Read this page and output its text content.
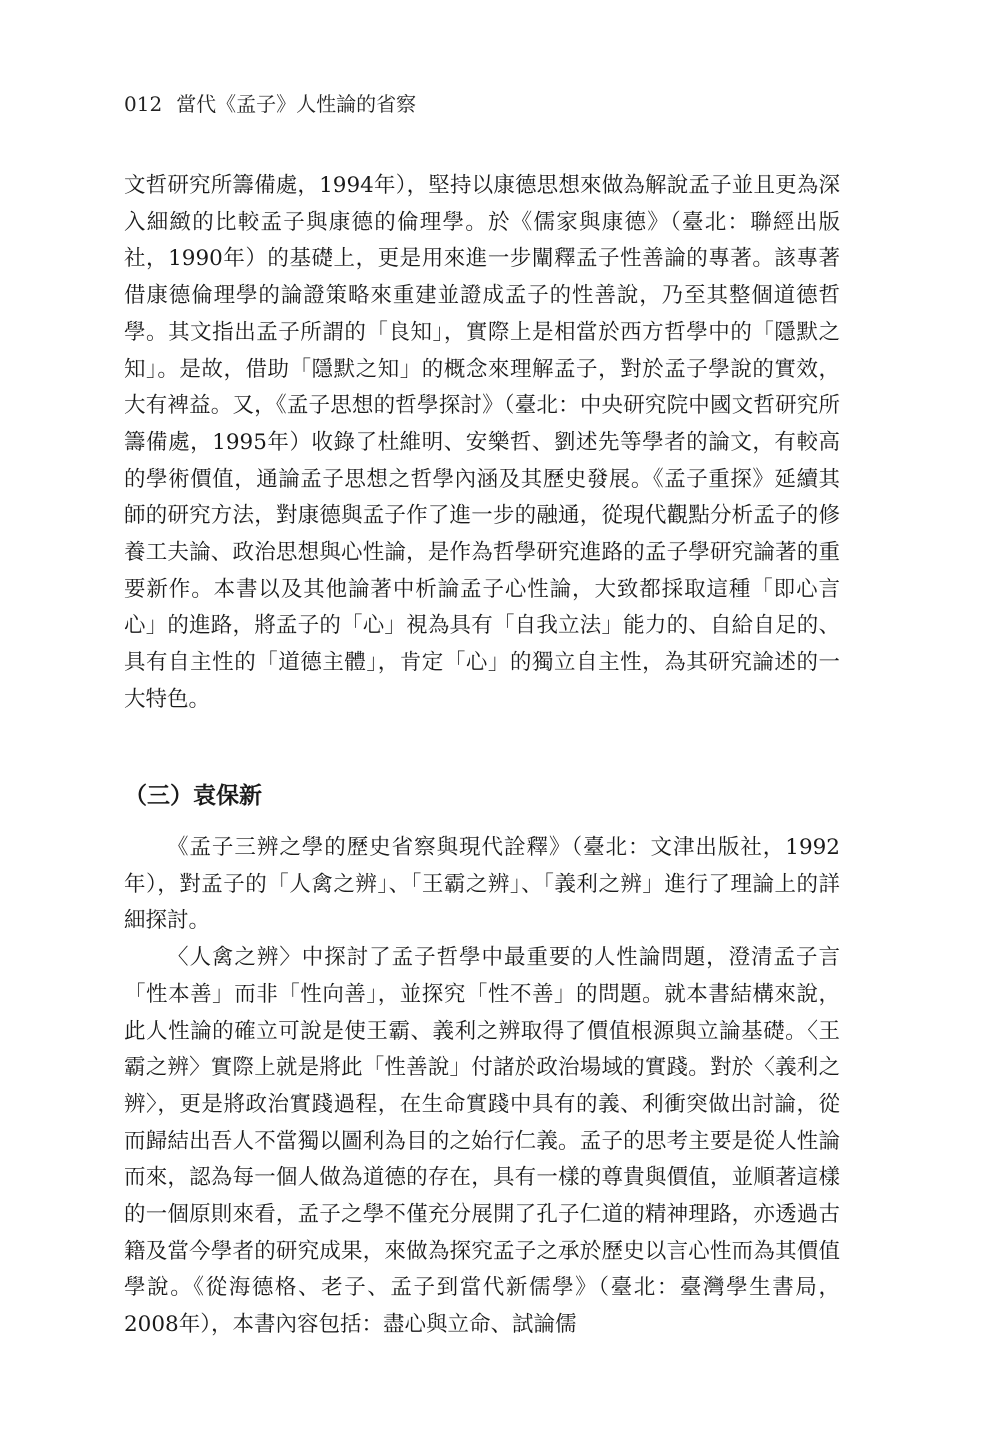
012 當代《孟子》人性論的省察

文哲研究所籌備處，1994年），堅持以康德思想來做為解說孟子並且更為深入細緻的比較孟子與康德的倫理學。於《儒家與康德》（臺北：聯經出版社，1990年）的基礎上，更是用來進一步闡釋孟子性善論的專著。該專著借康德倫理學的論證策略來重建並證成孟子的性善說，乃至其整個道德哲學。其文指出孟子所謂的「良知」，實際上是相當於西方哲學中的「隱默之知」。是故，借助「隱默之知」的概念來理解孟子，對於孟子學說的實效，大有裨益。又，《孟子思想的哲學探討》（臺北：中央研究院中國文哲研究所籌備處，1995年）收錄了杜維明、安樂哲、劉述先等學者的論文，有較高的學術價值，通論孟子思想之哲學內涵及其歷史發展。《孟子重探》延續其師的研究方法，對康德與孟子作了進一步的融通，從現代觀點分析孟子的修養工夫論、政治思想與心性論，是作為哲學研究進路的孟子學研究論著的重要新作。本書以及其他論著中析論孟子心性論，大致都採取這種「即心言心」的進路，將孟子的「心」視為具有「自我立法」能力的、自給自足的、具有自主性的「道德主體」，肯定「心」的獨立自主性，為其研究論述的一大特色。

（三）袁保新

《孟子三辨之學的歷史省察與現代詮釋》（臺北：文津出版社，1992年），對孟子的「人禽之辨」、「王霸之辨」、「義利之辨」進行了理論上的詳細探討。

〈人禽之辨〉中探討了孟子哲學中最重要的人性論問題，澄清孟子言「性本善」而非「性向善」，並探究「性不善」的問題。就本書結構來說，此人性論的確立可說是使王霸、義利之辨取得了價值根源與立論基礎。〈王霸之辨〉實際上就是將此「性善說」付諸於政治場域的實踐。對於〈義利之辨〉，更是將政治實踐過程，在生命實踐中具有的義、利衝突做出討論，從而歸結出吾人不當獨以圖利為目的之始行仁義。孟子的思考主要是從人性論而來，認為每一個人做為道德的存在，具有一樣的尊貴與價值，並順著這樣的一個原則來看，孟子之學不僅充分展開了孔子仁道的精神理路，亦透過古籍及當今學者的研究成果，來做為探究孟子之承於歷史以言心性而為其價值學說。《從海德格、老子、孟子到當代新儒學》（臺北：臺灣學生書局，2008年），本書內容包括：盡心與立命、試論儒
